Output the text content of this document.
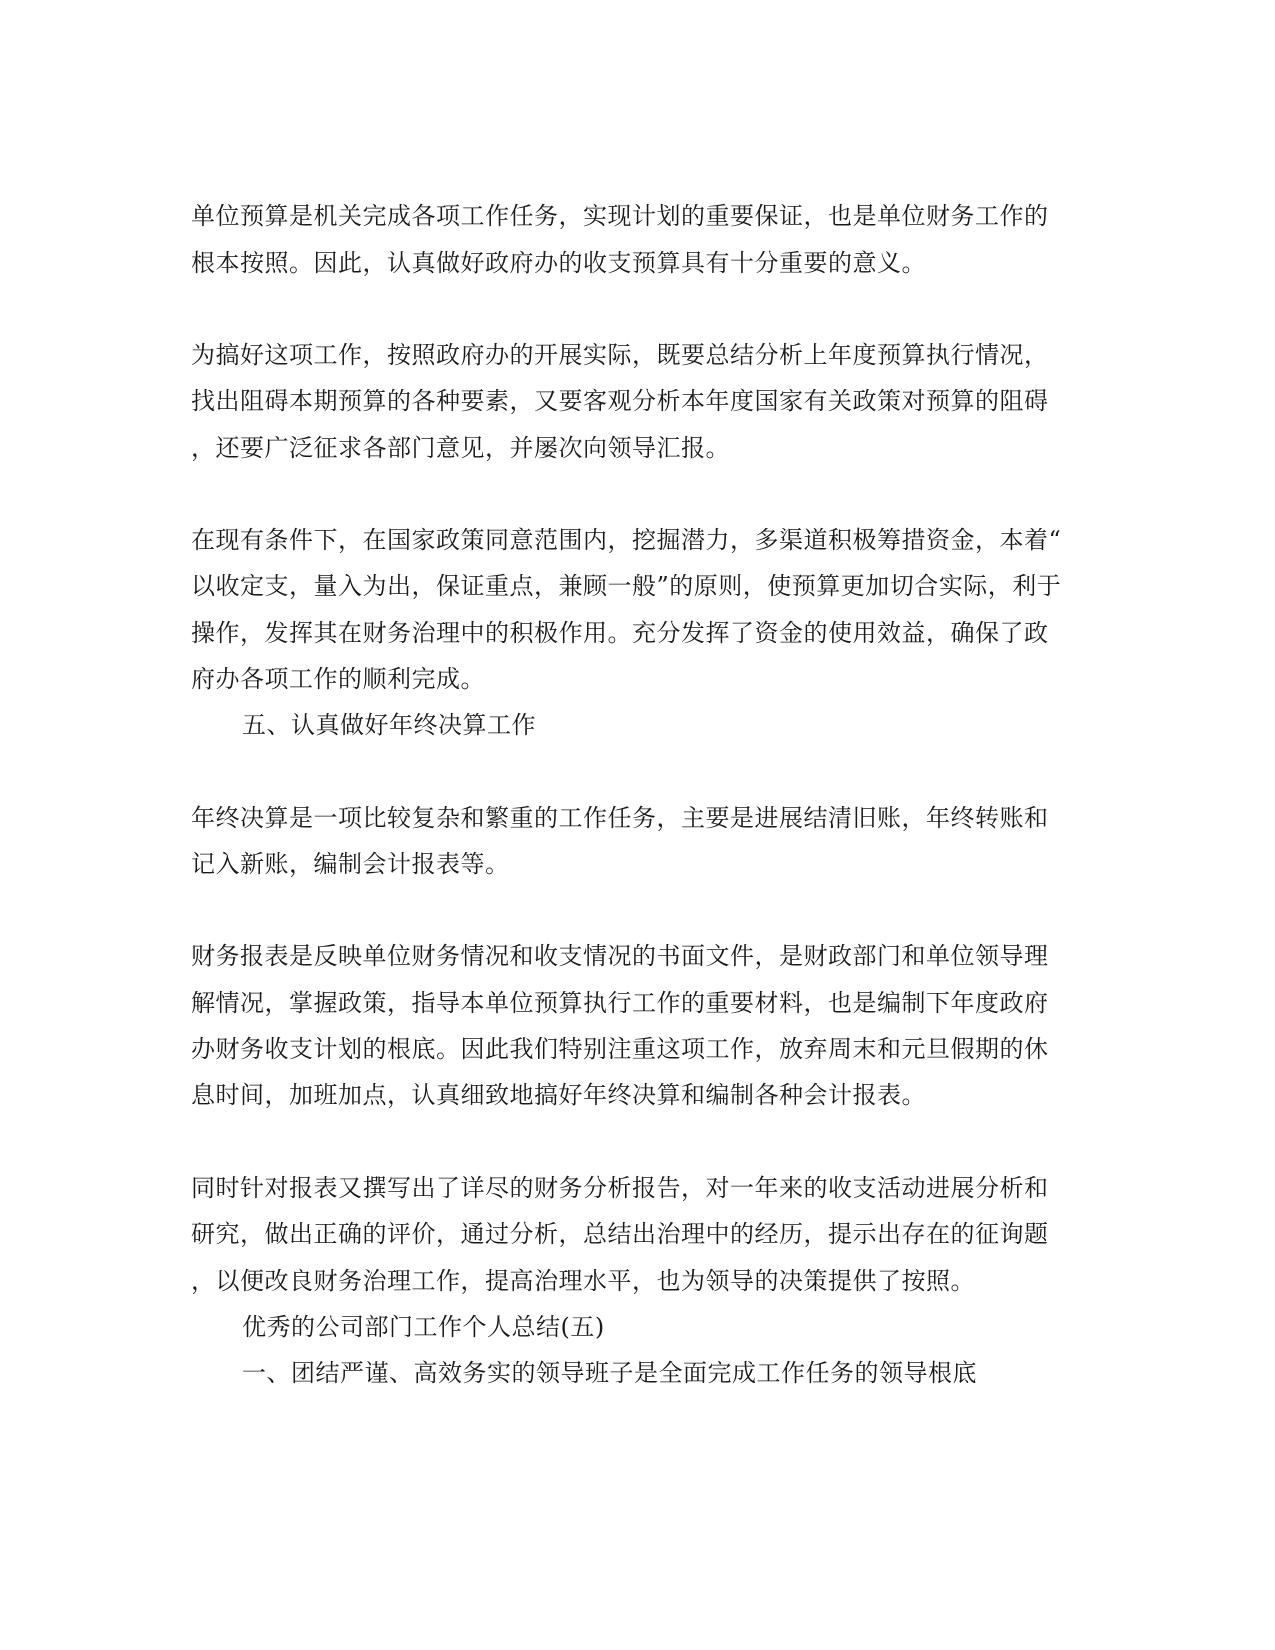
单位预算是机关完成各项工作任务，实现计划的重要保证，也是单位财务工作的
根本按照。因此，认真做好政府办的收支预算具有十分重要的意义。
为搞好这项工作，按照政府办的开展实际，既要总结分析上年度预算执行情况，
找出阻碍本期预算的各种要素，又要客观分析本年度国家有关政策对预算的阻碍
，还要广泛征求各部门意见，并屡次向领导汇报。
在现有条件下，在国家政策同意范围内，挖掘潜力，多渠道积极筹措资金，本着“
以收定支，量入为出，保证重点，兼顾一般”的原则，使预算更加切合实际，利于
操作，发挥其在财务治理中的积极作用。充分发挥了资金的使用效益，确保了政
府办各项工作的顺利完成。
五、认真做好年终决算工作
年终决算是一项比较复杂和繁重的工作任务，主要是进展结清旧账，年终转账和
记入新账，编制会计报表等。
财务报表是反映单位财务情况和收支情况的书面文件，是财政部门和单位领导理
解情况，掌握政策，指导本单位预算执行工作的重要材料，也是编制下年度政府
办财务收支计划的根底。因此我们特别注重这项工作，放弃周末和元旦假期的休
息时间，加班加点，认真细致地搞好年终决算和编制各种会计报表。
同时针对报表又撰写出了详尽的财务分析报告，对一年来的收支活动进展分析和
研究，做出正确的评价，通过分析，总结出治理中的经历，提示出存在的征询题
，以便改良财务治理工作，提高治理水平，也为领导的决策提供了按照。
优秀的公司部门工作个人总结(五)
一、团结严谨、高效务实的领导班子是全面完成工作任务的领导根底
